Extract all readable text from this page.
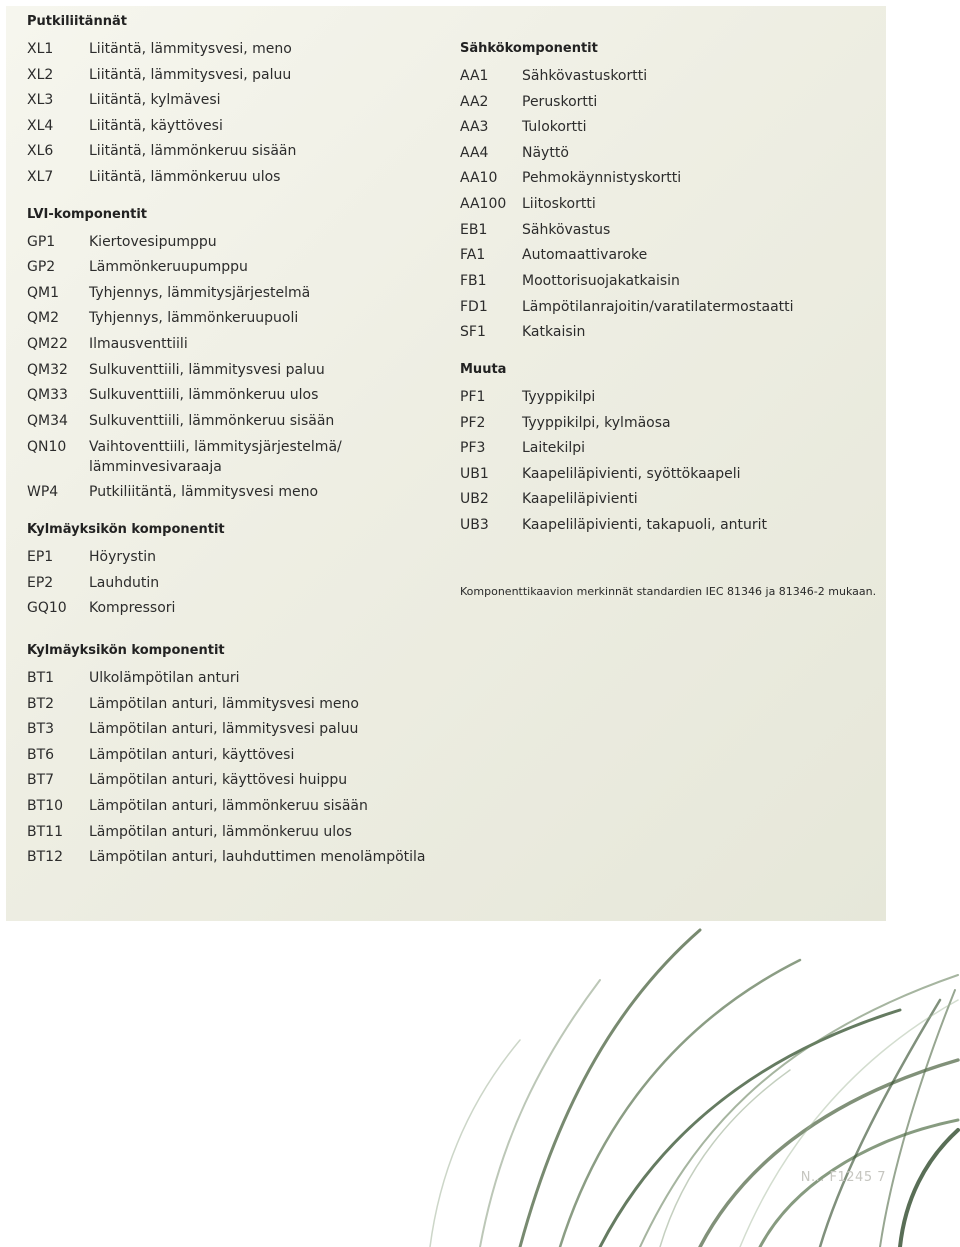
Putkiliitännät
XL1	Liitäntä, lämmitysvesi, meno
XL2	Liitäntä, lämmitysvesi, paluu
XL3	Liitäntä, kylmävesi
XL4	Liitäntä, käyttövesi
XL6	Liitäntä, lämmönkeruu sisään
XL7	Liitäntä, lämmönkeruu ulos
LVI-komponentit
GP1	Kiertovesipumppu
GP2	Lämmönkeruupumppu
QM1	Tyhjennys, lämmitysjärjestelmä
QM2	Tyhjennys, lämmönkeruupuoli
QM22	Ilmausventtiili
QM32	Sulkuventtiili, lämmitysvesi paluu
QM33	Sulkuventtiili, lämmönkeruu ulos
QM34	Sulkuventtiili, lämmönkeruu sisään
QN10	Vaihtoventtiili, lämmitysjärjestelmä/ lämminvesivaraaja
WP4	Putkiliitäntä, lämmitysvesi meno
Kylmäyksikön komponentit
EP1	Höyrystin
EP2	Lauhdutin
GQ10	Kompressori
Sähkökomponentit
AA1	Sähkövastuskortti
AA2	Peruskortti
AA3	Tulokortti
AA4	Näyttö
AA10	Pehmokäynnistyskortti
AA100	Liitoskortti
EB1	Sähkövastus
FA1	Automaattivaroke
FB1	Moottorisuojakatkaisin
FD1	Lämpötilanrajoitin/varatilatermostaatti
SF1	Katkaisin
Muuta
PF1	Tyyppikilpi
PF2	Tyyppikilpi, kylmäosa
PF3	Laitekilpi
UB1	Kaapeliläpivienti, syöttökaapeli
UB2	Kaapeliläpivienti
UB3	Kaapeliläpivienti, takapuoli, anturit
Komponenttikaavion merkinnät standardien IEC 81346 ja 81346-2 mukaan.
Kylmäyksikön komponentit
BT1	Ulkolämpötilan anturi
BT2	Lämpötilan anturi, lämmitysvesi meno
BT3	Lämpötilan anturi, lämmitysvesi paluu
BT6	Lämpötilan anturi, käyttövesi
BT7	Lämpötilan anturi, käyttövesi huippu
BT10	Lämpötilan anturi, lämmönkeruu sisään
BT11	Lämpötilan anturi, lämmönkeruu ulos
BT12	Lämpötilan anturi, lauhduttimen menolämpötila
N... F1245 7
